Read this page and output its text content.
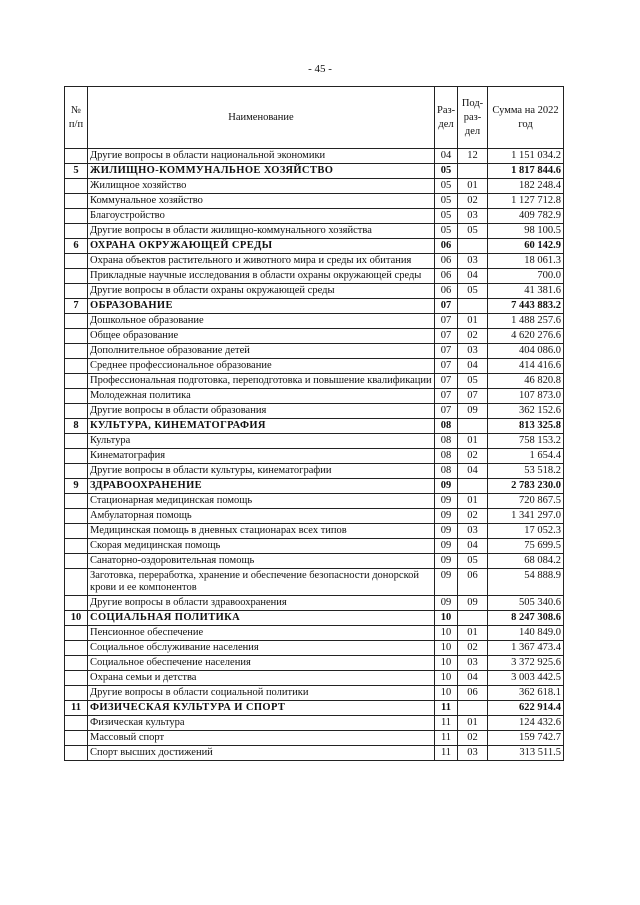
- 45 -
№ п/п	Наименование	Раз-дел	Под-раз-дел	Сумма на 2022 год
	Другие вопросы в области национальной экономики	04	12	1 151 034.2
5	ЖИЛИЩНО-КОММУНАЛЬНОЕ ХОЗЯЙСТВО	05		1 817 844.6
	Жилищное хозяйство	05	01	182 248.4
	Коммунальное хозяйство	05	02	1 127 712.8
	Благоустройство	05	03	409 782.9
	Другие вопросы в области жилищно-коммунального хозяйства	05	05	98 100.5
6	ОХРАНА ОКРУЖАЮЩЕЙ СРЕДЫ	06		60 142.9
	Охрана объектов растительного и животного мира и среды их обитания	06	03	18 061.3
	Прикладные научные исследования в области охраны окружающей среды	06	04	700.0
	Другие вопросы в области охраны окружающей среды	06	05	41 381.6
7	ОБРАЗОВАНИЕ	07		7 443 883.2
	Дошкольное образование	07	01	1 488 257.6
	Общее образование	07	02	4 620 276.6
	Дополнительное образование детей	07	03	404 086.0
	Среднее профессиональное образование	07	04	414 416.6
	Профессиональная подготовка, переподготовка и повышение квалификации	07	05	46 820.8
	Молодежная политика	07	07	107 873.0
	Другие вопросы в области образования	07	09	362 152.6
8	КУЛЬТУРА, КИНЕМАТОГРАФИЯ	08		813 325.8
	Культура	08	01	758 153.2
	Кинематография	08	02	1 654.4
	Другие вопросы в области культуры, кинематографии	08	04	53 518.2
9	ЗДРАВООХРАНЕНИЕ	09		2 783 230.0
	Стационарная медицинская помощь	09	01	720 867.5
	Амбулаторная помощь	09	02	1 341 297.0
	Медицинская помощь в дневных стационарах всех типов	09	03	17 052.3
	Скорая медицинская помощь	09	04	75 699.5
	Санаторно-оздоровительная помощь	09	05	68 084.2
	Заготовка, переработка, хранение и обеспечение безопасности донорской крови и ее компонентов	09	06	54 888.9
	Другие вопросы в области здравоохранения	09	09	505 340.6
10	СОЦИАЛЬНАЯ ПОЛИТИКА	10		8 247 308.6
	Пенсионное обеспечение	10	01	140 849.0
	Социальное обслуживание населения	10	02	1 367 473.4
	Социальное обеспечение населения	10	03	3 372 925.6
	Охрана семьи и детства	10	04	3 003 442.5
	Другие вопросы в области социальной политики	10	06	362 618.1
11	ФИЗИЧЕСКАЯ КУЛЬТУРА И СПОРТ	11		622 914.4
	Физическая культура	11	01	124 432.6
	Массовый спорт	11	02	159 742.7
	Спорт высших достижений	11	03	313 511.5
